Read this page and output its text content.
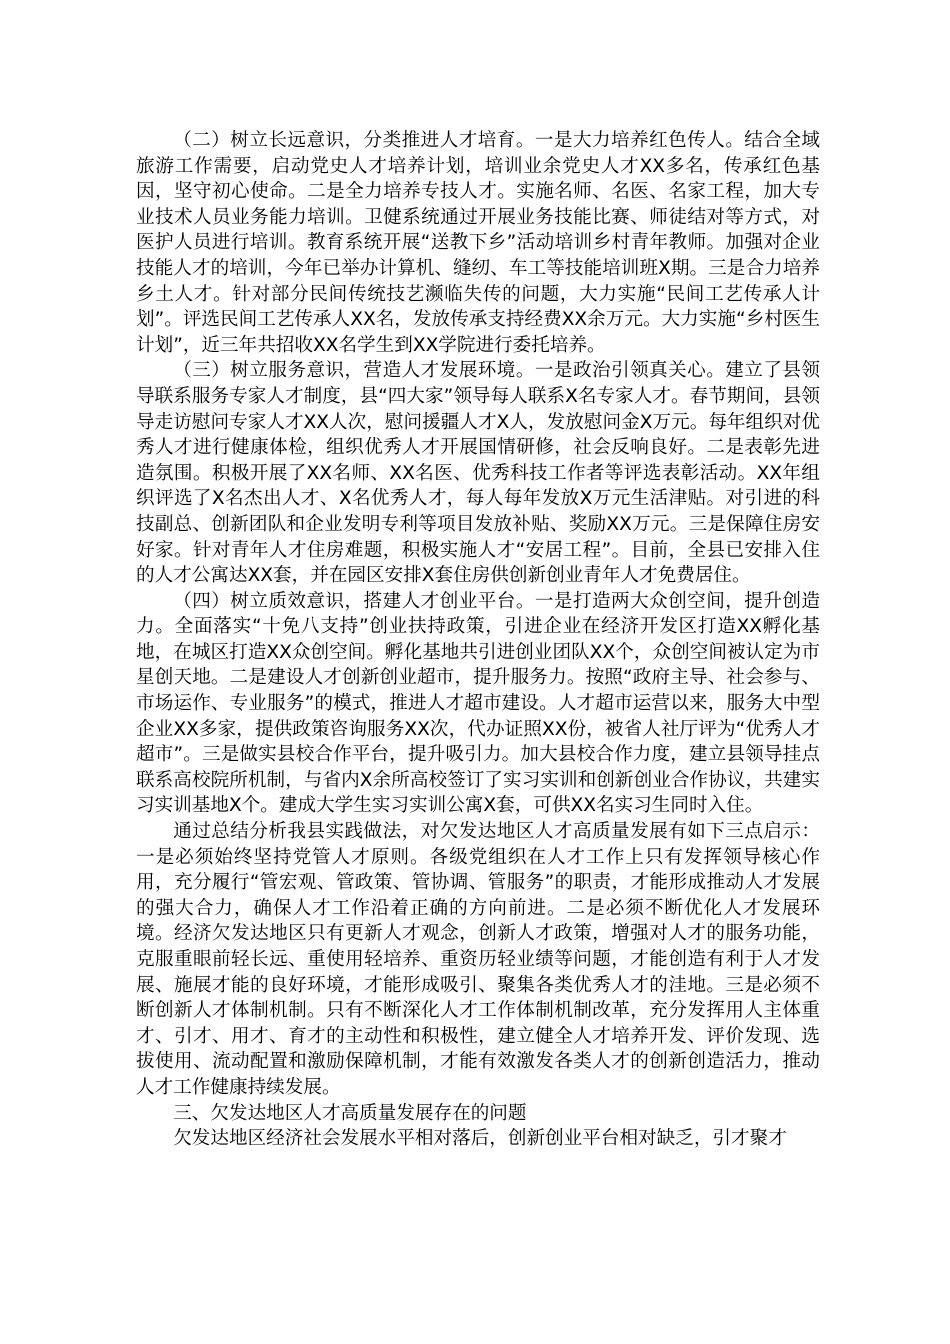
（二）树立长远意识，分类推进人才培育。一是大力培养红色传人。结合全域旅游工作需要，启动党史人才培养计划，培训业余党史人才XX多名，传承红色基因，坚守初心使命。二是全力培养专技人才。实施名师、名医、名家工程，加大专业技术人员业务能力培训。卫健系统通过开展业务技能比赛、师徒结对等方式，对医护人员进行培训。教育系统开展“送教下乡”活动培训乡村青年教师。加强对企业技能人才的培训，今年已举办计算机、缝纫、车工等技能培训班X期。三是合力培养乡土人才。针对部分民间传统技艺濒临失传的问题，大力实施“民间工艺传承人计划”。评选民间工艺传承人XX名，发放传承支持经费XX余万元。大力实施“乡村医生计划”，近三年共招收XX名学生到XX学院进行委托培养。

（三）树立服务意识，营造人才发展环境。一是政治引领真关心。建立了县领导联系服务专家人才制度，县“四大家”领导每人联系X名专家人才。春节期间，县领导走访慰问专家人才XX人次，慰问援疆人才X人，发放慰问金X万元。每年组织对优秀人才进行健康体检，组织优秀人才开展国情研修，社会反响良好。二是表彰先进造氛围。积极开展了XX名师、XX名医、优秀科技工作者等评选表彰活动。XX年组织评选了X名杰出人才、X名优秀人才，每人每年发放X万元生活津贴。对引进的科技副总、创新团队和企业发明专利等项目发放补贴、奖励XX万元。三是保障住房安好家。针对青年人才住房难题，积极实施人才“安居工程”。目前，全县已安排入住的人才公寓达XX套，并在园区安排X套住房供创新创业青年人才免费居住。

（四）树立质效意识，搭建人才创业平台。一是打造两大众创空间，提升创造力。全面落实“十免八支持”创业扶持政策，引进企业在经济开发区打造XX孵化基地，在城区打造XX众创空间。孵化基地共引进创业团队XX个，众创空间被认定为市星创天地。二是建设人才创新创业超市，提升服务力。按照“政府主导、社会参与、市场运作、专业服务”的模式，推进人才超市建设。人才超市运营以来，服务大中型企业XX多家，提供政策咨询服务XX次，代办证照XX份，被省人社厅评为“优秀人才超市”。三是做实县校合作平台，提升吸引力。加大县校合作力度，建立县领导挂点联系高校院所机制，与省内X余所高校签订了实习实训和创新创业合作协议，共建实习实训基地X个。建成大学生实习实训公寓X套，可供XX名实习生同时入住。

通过总结分析我县实践做法，对欠发达地区人才高质量发展有如下三点启示：一是必须始终坚持党管人才原则。各级党组织在人才工作上只有发挥领导核心作用，充分履行“管宏观、管政策、管协调、管服务”的职责，才能形成推动人才发展的强大合力，确保人才工作沿着正确的方向前进。二是必须不断优化人才发展环境。经济欠发达地区只有更新人才观念，创新人才政策，增强对人才的服务功能，克服重眼前轻长远、重使用轻培养、重资历轻业绩等问题，才能创造有利于人才发展、施展才能的良好环境，才能形成吸引、聚集各类优秀人才的洼地。三是必须不断创新人才体制机制。只有不断深化人才工作体制机制改革，充分发挥用人主体重才、引才、用才、育才的主动性和积极性，建立健全人才培养开发、评价发现、选拔使用、流动配置和激励保障机制，才能有效激发各类人才的创新创造活力，推动人才工作健康持续发展。

三、欠发达地区人才高质量发展存在的问题

欠发达地区经济社会发展水平相对落后，创新创业平台相对缺乏，引才聚才
